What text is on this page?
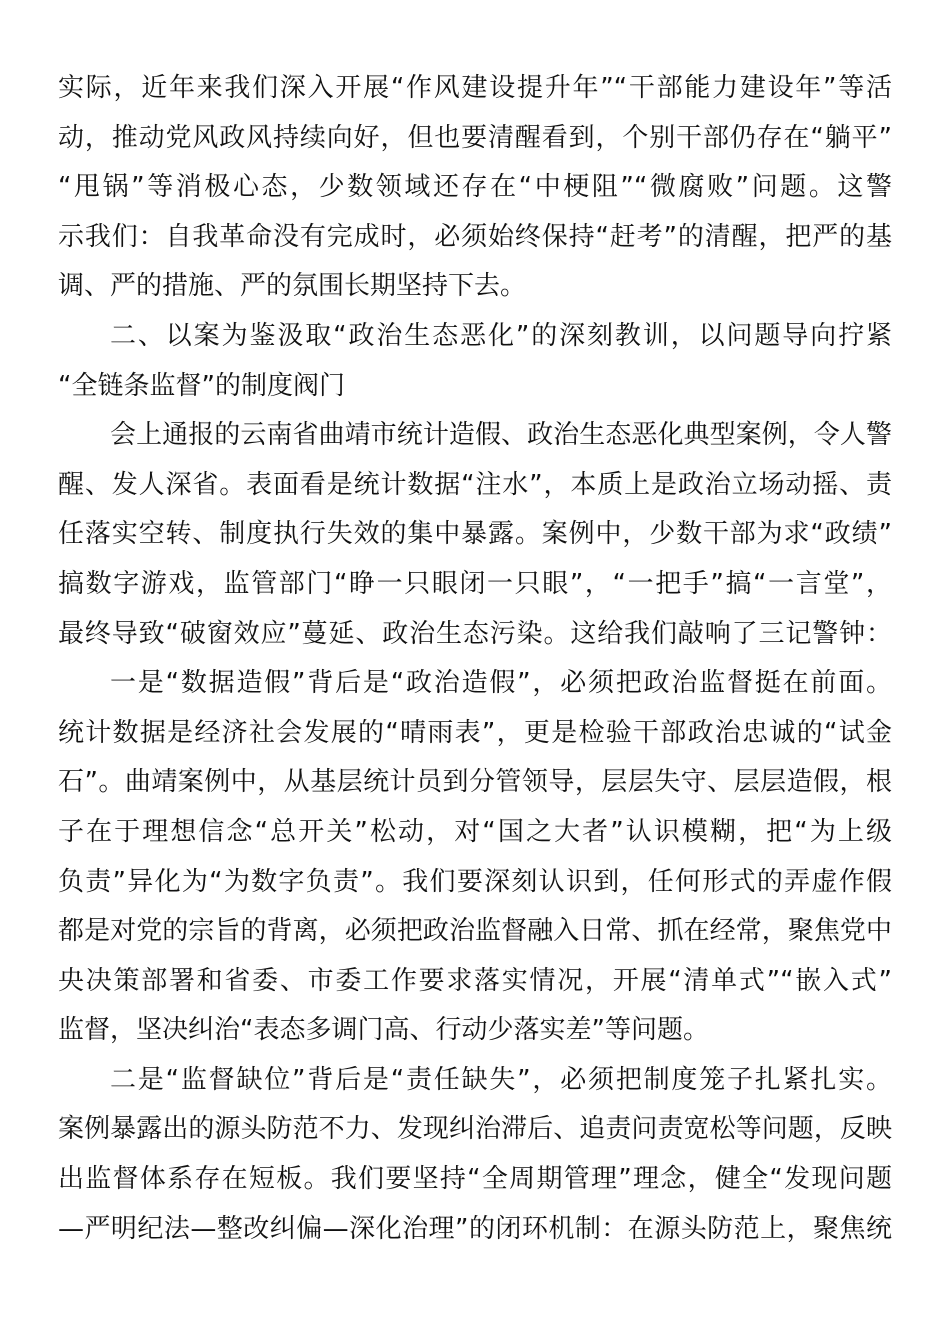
实际，近年来我们深入开展“作风建设提升年”“干部能力建设年”等活
动，推动党风政风持续向好，但也要清醒看到，个别干部仍存在“躺平”
“甩锅”等消极心态，少数领域还存在“中梗阻”“微腐败”问题。这警
示我们：自我革命没有完成时，必须始终保持“赶考”的清醒，把严的基
调、严的措施、严的氛围长期坚持下去。
二、以案为鉴汲取“政治生态恶化”的深刻教训，以问题导向拧紧
“全链条监督”的制度阀门
会上通报的云南省曲靖市统计造假、政治生态恶化典型案例，令人警
醒、发人深省。表面看是统计数据“注水”，本质上是政治立场动摇、责
任落实空转、制度执行失效的集中暴露。案例中，少数干部为求“政绩”
搞数字游戏，监管部门“睁一只眼闭一只眼”，“一把手”搞“一言堂”，
最终导致“破窗效应”蔓延、政治生态污染。这给我们敲响了三记警钟：
一是“数据造假”背后是“政治造假”，必须把政治监督挺在前面。
统计数据是经济社会发展的“晴雨表”，更是检验干部政治忠诚的“试金
石”。曲靖案例中，从基层统计员到分管领导，层层失守、层层造假，根
子在于理想信念“总开关”松动，对“国之大者”认识模糊，把“为上级
负责”异化为“为数字负责”。我们要深刻认识到，任何形式的弄虚作假
都是对党的宗旨的背离，必须把政治监督融入日常、抓在经常，聚焦党中
央决策部署和省委、市委工作要求落实情况，开展“清单式”“嵌入式”
监督，坚决纠治“表态多调门高、行动少落实差”等问题。
二是“监督缺位”背后是“责任缺失”，必须把制度笼子扎紧扎实。
案例暴露出的源头防范不力、发现纠治滞后、追责问责宽松等问题，反映
出监督体系存在短板。我们要坚持“全周期管理”理念，健全“发现问题
—严明纪法—整改纠偏—深化治理”的闭环机制：在源头防范上，聚焦统
